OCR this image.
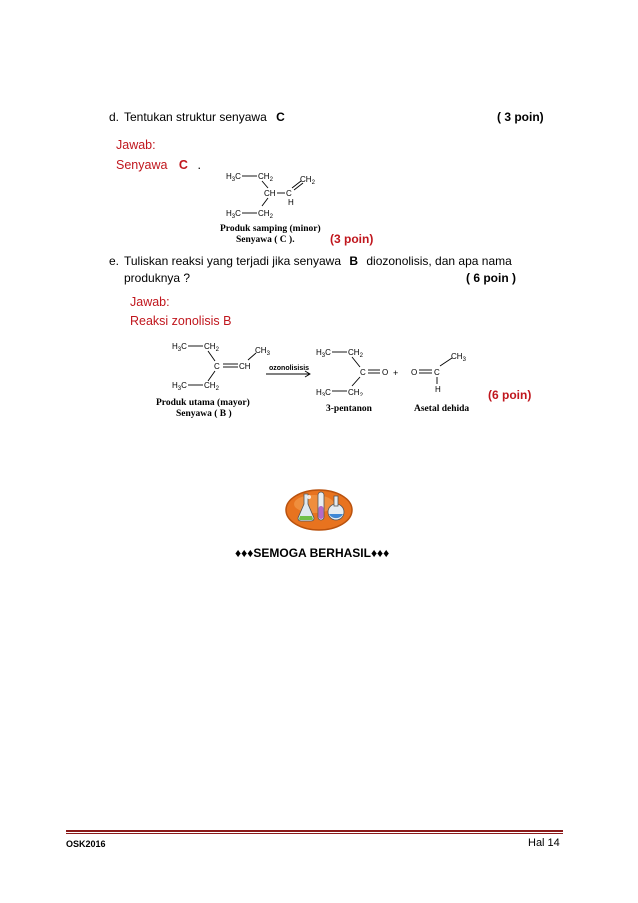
d. Tentukan struktur senyawa C	( 3 poin)
Jawab:
Senyawa C .
$H_3C$ $CH_2$
CH C
H
$CH_2$
$H_3C$ $CH_2$
Produk samping (minor)
Senyawa ( C ).	(3 poin)
e. Tuliskan reaksi yang terjadi jika senyawa B diozonolisis, dan apa nama
produknya ?	( 6 poin )
Jawab:
Reaksi zonolisis B
$H_3C$ $CH_2$	$CH_3$
C CH
$H_3C$ $CH_2$
$H_3C$ $CH_2$
C O
$H_3C$ $CH_2$
O C
$CH_3$
H
+
ozonolisisis
Produk utama (mayor)
Senyawa ( B )	3-pentanon	Asetal dehida
(6 poin)
♦♦♦SEMOGA BERHASIL♦♦♦
OSK2016	Hal 14
